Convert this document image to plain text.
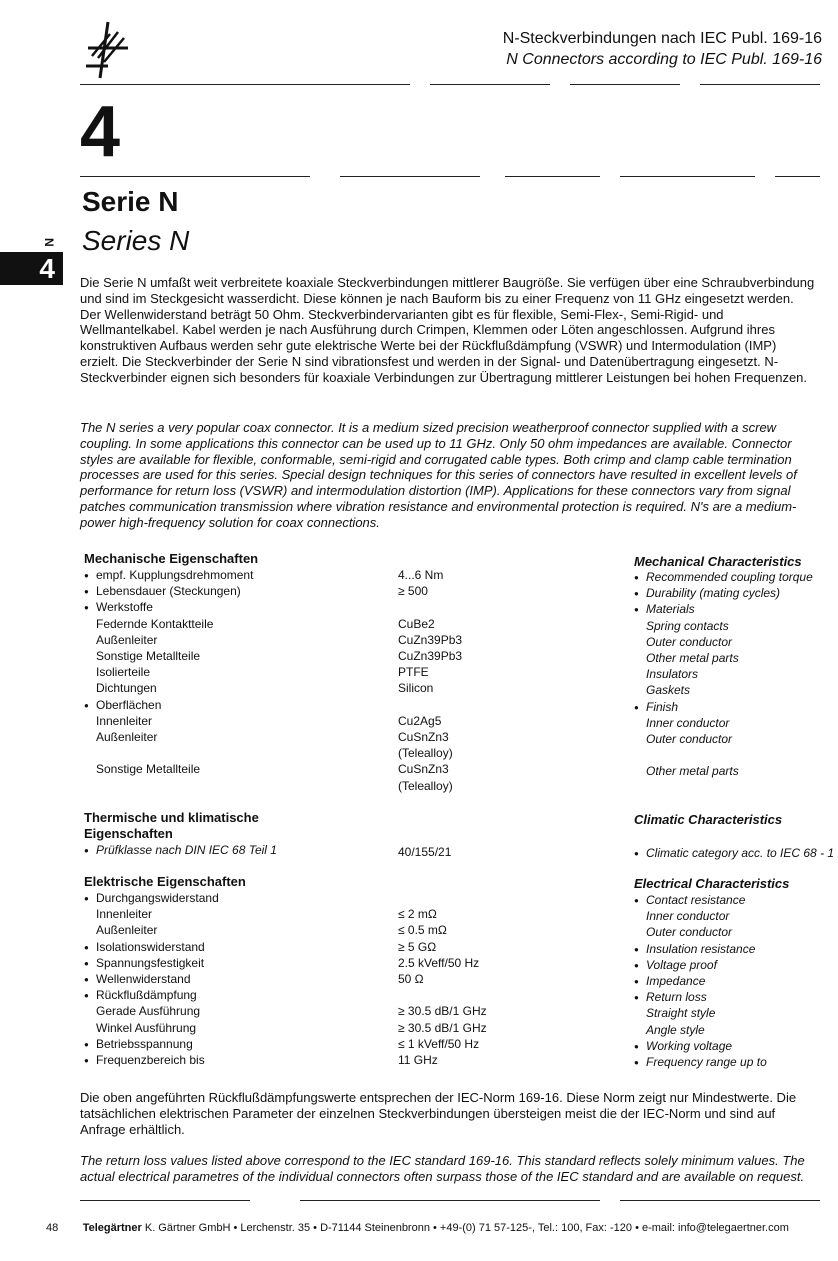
N-Steckverbindungen nach IEC Publ. 169-16
N Connectors according to IEC Publ. 169-16
4
Serie N
Series N
N
4	Die Serie N umfaßt weit verbreitete koaxiale Steckverbindungen mittlerer Baugröße. Sie verfügen über eine Schraubverbindung und sind im Steckgesicht wasserdicht. Diese können je nach Bauform bis zu einer Frequenz von 11 GHz eingesetzt werden. Der Wellenwiderstand beträgt 50 Ohm. Steckverbindervarianten gibt es für flexible, Semi-Flex-, Semi-Rigid- und Wellmantelkabel. Kabel werden je nach Ausführung durch Crimpen, Klemmen oder Löten angeschlossen. Aufgrund ihres konstruktiven Aufbaus werden sehr gute elektrische Werte bei der Rückflußdämpfung (VSWR) und Intermodulation (IMP) erzielt. Die Steckverbinder der Serie N sind vibrationsfest und werden in der Signal- und Datenübertragung eingesetzt. N-Steckverbinder eignen sich besonders für koaxiale Verbindungen zur Übertragung mittlerer Leistungen bei hohen Frequenzen.
The N series a very popular coax connector. It is a medium sized precision weatherproof connector supplied with a screw coupling. In some applications this connector can be used up to 11 GHz. Only 50 ohm impedances are available. Connector styles are available for flexible, conformable, semi-rigid and corrugated cable types. Both crimp and clamp cable termination processes are used for this series. Special design techniques for this series of connectors have resulted in excellent levels of performance for return loss (VSWR) and intermodulation distortion (IMP). Applications for these connectors vary from signal patches communication transmission where vibration resistance and environmental protection is required. N's are a medium-power high-frequency solution for coax connections.
Mechanische Eigenschaften	Mechanical Characteristics
● empf. Kupplungsdrehmoment	4...6 Nm	● Recommended coupling torque
● Lebensdauer (Steckungen)	≥ 500	● Durability (mating cycles)
● Werkstoffe	● Materials
Federnde Kontaktteile	CuBe2	Spring contacts
Außenleiter	CuZn39Pb3	Outer conductor
Sonstige Metallteile	CuZn39Pb3	Other metal parts
Isolierteile	PTFE	Insulators
Dichtungen	Silicon	Gaskets
● Oberflächen	● Finish
Innenleiter	Cu2Ag5	Inner conductor
Außenleiter	CuSnZn3	Outer conductor
(Telealloy)
Sonstige Metallteile	CuSnZn3	Other metal parts
(Telealloy)
Thermische und klimatische
Eigenschaften
Climatic Characteristics
● Prüfklasse nach DIN IEC 68 Teil 1	40/155/21	● Climatic category acc. to IEC 68 - 1
Elektrische Eigenschaften	Electrical Characteristics
● Durchgangswiderstand	● Contact resistance
Innenleiter	≤ 2 mΩ	Inner conductor
Außenleiter	≤ 0.5 mΩ	Outer conductor
● Isolationswiderstand	≥ 5 GΩ	● Insulation resistance
● Spannungsfestigkeit	2.5 kVeff/50 Hz	● Voltage proof
● Wellenwiderstand	50 Ω	● Impedance
● Rückflußdämpfung	● Return loss
Gerade Ausführung	≥ 30.5 dB/1 GHz	Straight style
Winkel Ausführung	≥ 30.5 dB/1 GHz	Angle style
● Betriebsspannung	≤ 1 kVeff/50 Hz	● Working voltage
● Frequenzbereich bis	11 GHz	● Frequency range up to
Die oben angeführten Rückflußdämpfungswerte entsprechen der IEC-Norm 169-16. Diese Norm zeigt nur Mindestwerte. Die tatsächlichen elektrischen Parameter der einzelnen Steckverbindungen übersteigen meist die der IEC-Norm und sind auf Anfrage erhältlich.
The return loss values listed above correspond to the IEC standard 169-16. This standard reflects solely minimum values. The actual electrical parametres of the individual connectors often surpass those of the IEC standard and are available on request.
48 Telegärtner K. Gärtner GmbH • Lerchenstr. 35 • D-71144 Steinenbronn • +49-(0) 71 57-125-, Tel.: 100, Fax: -120 • e-mail: info@telegaertner.com
